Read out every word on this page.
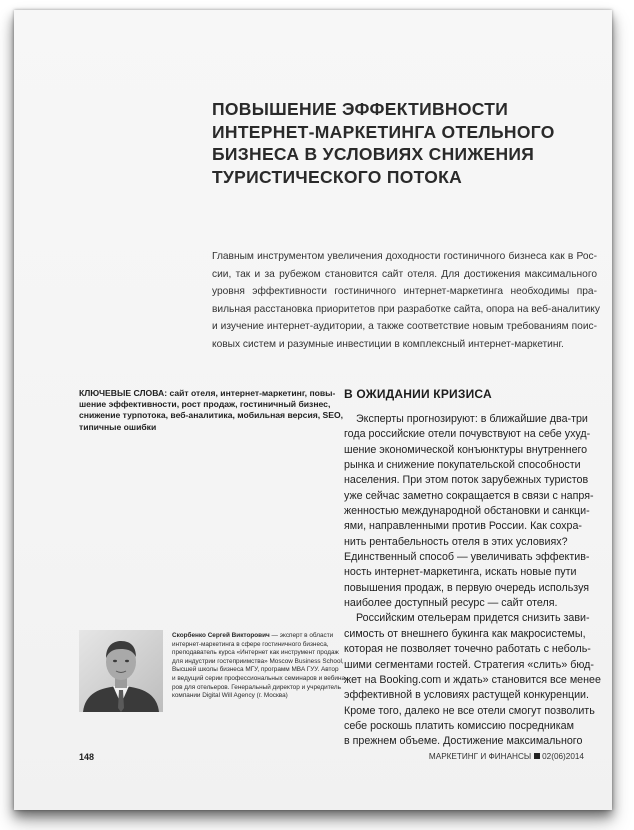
ПОВЫШЕНИЕ ЭФФЕКТИВНОСТИ
ИНТЕРНЕТ-МАРКЕТИНГА ОТЕЛЬНОГО
БИЗНЕСА В УСЛОВИЯХ СНИЖЕНИЯ
ТУРИСТИЧЕСКОГО ПОТОКА
Главным инструментом увеличения доходности гостиничного бизнеса как в Рос-
сии, так и за рубежом становится сайт отеля. Для достижения максимального
уровня эффективности гостиничного интернет-маркетинга необходимы пра-
вильная расстановка приоритетов при разработке сайта, опора на веб-аналитику
и изучение интернет-аудитории, а также соответствие новым требованиям поис-
ковых систем и разумные инвестиции в комплексный интернет-маркетинг.
КЛЮЧЕВЫЕ СЛОВА: сайт отеля, интернет-маркетинг, повы-
шение эффективности, рост продаж, гостиничный бизнес,
снижение турпотока, веб-аналитика, мобильная версия, SEO,
типичные ошибки
В ОЖИДАНИИ КРИЗИСА
Эксперты прогнозируют: в ближайшие два-три
года российские отели почувствуют на себе ухуд-
шение экономической конъюнктуры внутреннего
рынка и снижение покупательской способности
населения. При этом поток зарубежных туристов
уже сейчас заметно сокращается в связи с напря-
женностью международной обстановки и санкци-
ями, направленными против России. Как сохра-
нить рентабельность отеля в этих условиях?
Единственный способ — увеличивать эффектив-
ность интернет-маркетинга, искать новые пути
повышения продаж, в первую очередь используя
наиболее доступный ресурс — сайт отеля.
Российским отельерам придется снизить зави-
симость от внешнего букинга как макросистемы,
которая не позволяет точечно работать с неболь-
шими сегментами гостей. Стратегия «слить» бюд-
жет на Booking.com и ждать» становится все менее
эффективной в условиях растущей конкуренции.
Кроме того, далеко не все отели смогут позволить
себе роскошь платить комиссию посредникам
в прежнем объеме. Достижение максимального
Скорбенко Сергей Викторович — эксперт в области
интернет-маркетинга в сфере гостиничного бизнеса,
преподаватель курса «Интернет как инструмент продаж
для индустрии гостеприимства» Moscow Business School,
Высшей школы бизнеса МГУ, программ MBA ГУУ. Автор
и ведущий серии профессиональных семинаров и вебина-
ров для отельеров. Генеральный директор и учредитель
компании Digital Will Agency (г. Москва)
148	МАРКЕТИНГ И ФИНАНСЫ 02(06)2014
